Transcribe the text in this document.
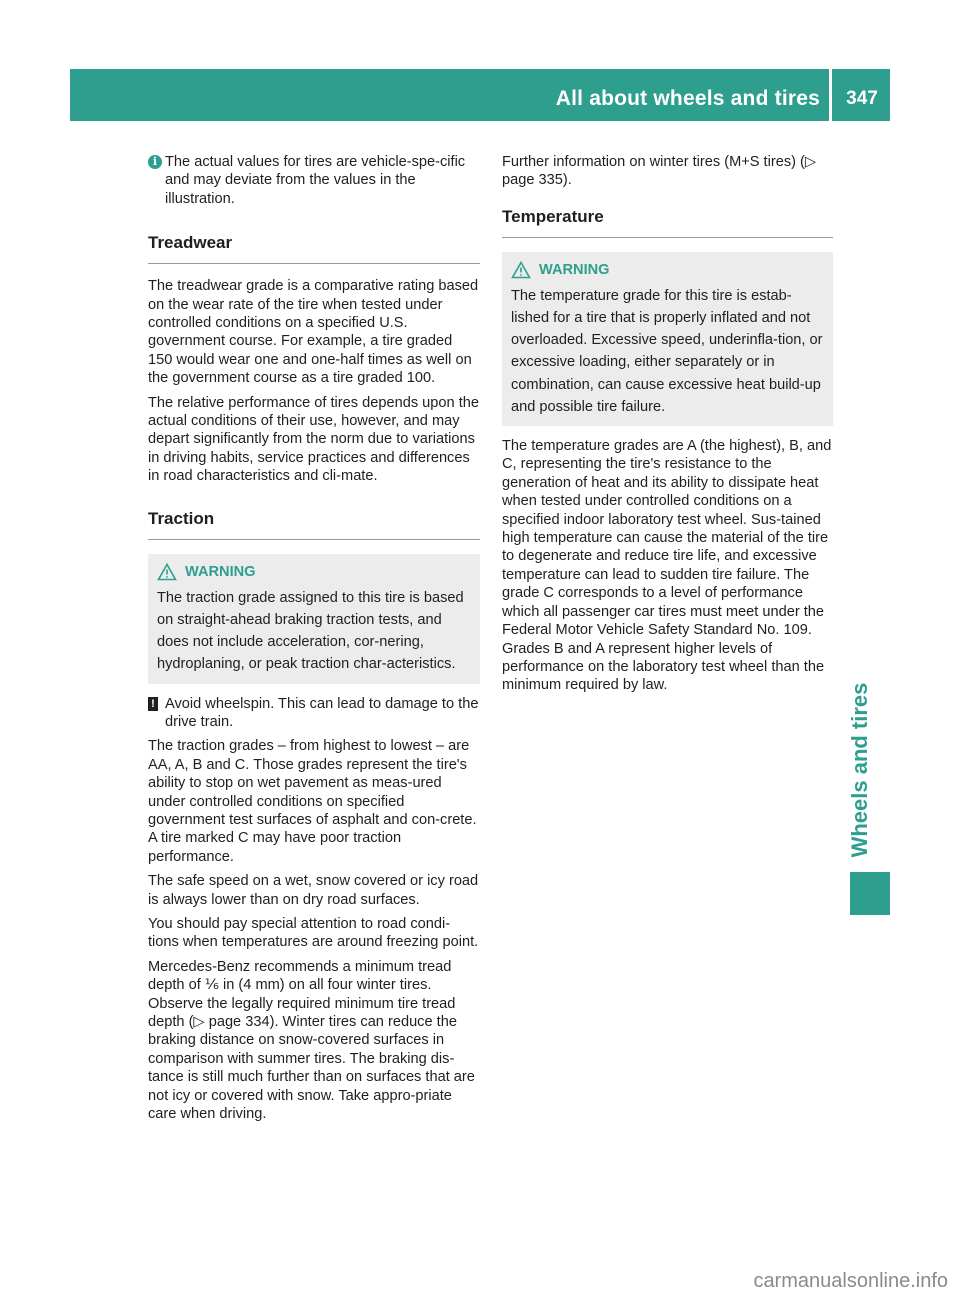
All about wheels and tires	347
Wheels and tires
i The actual values for tires are vehicle-spe-cific and may deviate from the values in the illustration.
Treadwear

The treadwear grade is a comparative rating based on the wear rate of the tire when tested under controlled conditions on a specified U.S. government course. For example, a tire graded 150 would wear one and one-half times as well on the government course as a tire graded 100.

The relative performance of tires depends upon the actual conditions of their use, however, and may depart significantly from the norm due to variations in driving habits, service practices and differences in road characteristics and cli-mate.

Traction
WARNING
The traction grade assigned to this tire is based on straight-ahead braking traction tests, and does not include acceleration, cor-nering, hydroplaning, or peak traction char-acteristics.
! Avoid wheelspin. This can lead to damage to the drive train.

The traction grades – from highest to lowest – are AA, A, B and C. Those grades represent the tire's ability to stop on wet pavement as meas-ured under controlled conditions on specified government test surfaces of asphalt and con-crete. A tire marked C may have poor traction performance.

The safe speed on a wet, snow covered or icy road is always lower than on dry road surfaces.

You should pay special attention to road condi-tions when temperatures are around freezing point.

Mercedes-Benz recommends a minimum tread depth of ⅙ in (4 mm) on all four winter tires. Observe the legally required minimum tire tread depth (▷ page 334). Winter tires can reduce the braking distance on snow-covered surfaces in comparison with summer tires. The braking dis-tance is still much further than on surfaces that are not icy or covered with snow. Take appro-priate care when driving.

Further information on winter tires (M+S tires) (▷ page 335).

Temperature
WARNING
The temperature grade for this tire is estab-lished for a tire that is properly inflated and not overloaded. Excessive speed, underinfla-tion, or excessive loading, either separately or in combination, can cause excessive heat build-up and possible tire failure.

The temperature grades are A (the highest), B, and C, representing the tire's resistance to the generation of heat and its ability to dissipate heat when tested under controlled conditions on a specified indoor laboratory test wheel. Sus-tained high temperature can cause the material of the tire to degenerate and reduce tire life, and excessive temperature can lead to sudden tire failure. The grade C corresponds to a level of performance which all passenger car tires must meet under the Federal Motor Vehicle Safety Standard No. 109. Grades B and A represent higher levels of performance on the laboratory test wheel than the minimum required by law.

carmanualsonline.info
